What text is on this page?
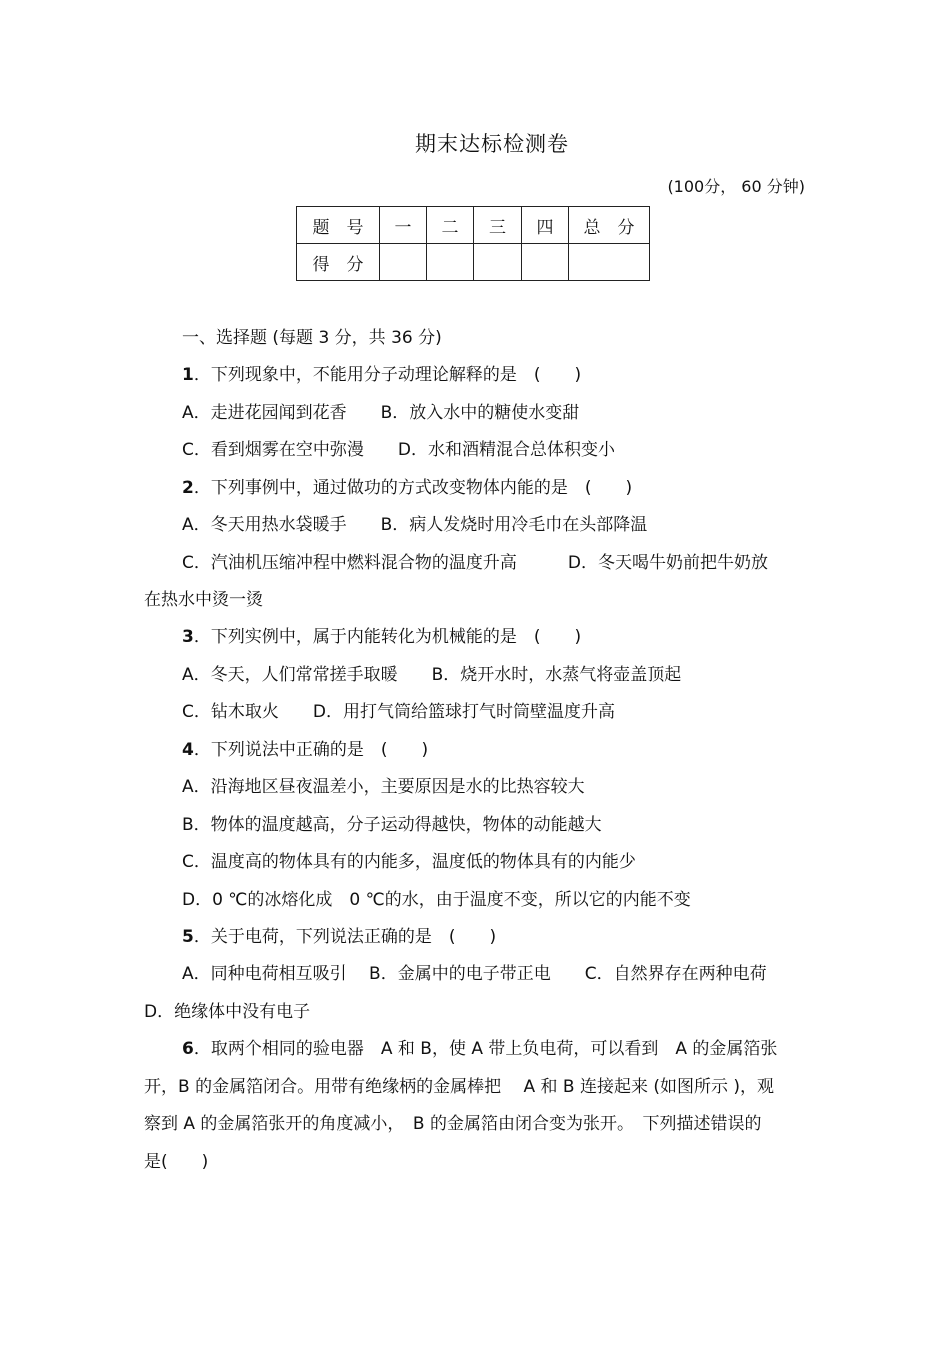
期末达标检测卷
(100分， 60 分钟)
题　号	一	二	三	四	总　分
得　分					
一、选择题 (每题 3 分，共 36 分)
1．下列现象中，不能用分子动理论解释的是　(　　)
A．走进花园闻到花香　　B．放入水中的糖使水变甜
C．看到烟雾在空中弥漫　　D．水和酒精混合总体积变小
2．下列事例中，通过做功的方式改变物体内能的是　(　　)
A．冬天用热水袋暖手　　B．病人发烧时用冷毛巾在头部降温
C．汽油机压缩冲程中燃料混合物的温度升高　　　D．冬天喝牛奶前把牛奶放
在热水中烫一烫
3．下列实例中，属于内能转化为机械能的是　(　　)
A．冬天，人们常常搓手取暖　　B．烧开水时，水蒸气将壶盖顶起
C．钻木取火　　D．用打气筒给篮球打气时筒壁温度升高
4．下列说法中正确的是　(　　)
A．沿海地区昼夜温差小，主要原因是水的比热容较大
B．物体的温度越高，分子运动得越快，物体的动能越大
C．温度高的物体具有的内能多，温度低的物体具有的内能少
D．0 ℃的冰熔化成　0 ℃的水，由于温度不变，所以它的内能不变
5．关于电荷，下列说法正确的是　(　　)
A．同种电荷相互吸引　 B．金属中的电子带正电　　C．自然界存在两种电荷
D．绝缘体中没有电子
6．取两个相同的验电器　A 和 B，使 A 带上负电荷，可以看到　A 的金属箔张
开，B 的金属箔闭合。用带有绝缘柄的金属棒把　 A 和 B 连接起来 (如图所示 )，观
察到 A 的金属箔张开的角度减小，　B 的金属箔由闭合变为张开。　下列描述错误的
是(　　)
